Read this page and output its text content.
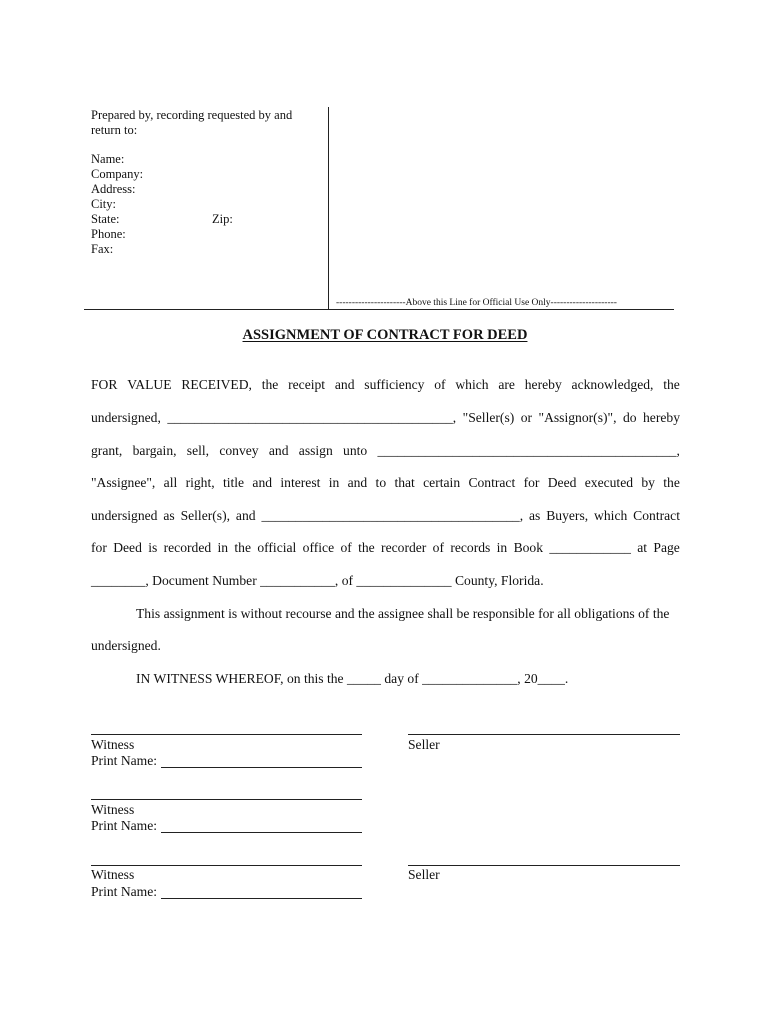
Prepared by, recording requested by and
return to:
Name:
Company:
Address:
City:
State:	Zip:
Phone:
Fax:
----------------------Above this Line for Official Use Only---------------------
ASSIGNMENT OF CONTRACT FOR DEED
FOR VALUE RECEIVED, the receipt and sufficiency of which are hereby acknowledged, the
undersigned, __________________________________________, "Seller(s) or "Assignor(s)", do hereby
grant, bargain, sell, convey and assign unto ____________________________________________,
"Assignee", all right, title and interest in and to that certain Contract for Deed executed by the
undersigned as Seller(s), and ______________________________________, as Buyers, which Contract
for Deed is recorded in the official office of the recorder of records in Book ____________ at Page
________, Document Number ___________, of ______________ County, Florida.
This assignment is without recourse and the assignee shall be responsible for all obligations of the
undersigned.
IN WITNESS WHEREOF, on this the _____ day of ______________, 20____.
Witness	Seller
Print Name:
Witness
Print Name:
Witness	Seller
Print Name:
